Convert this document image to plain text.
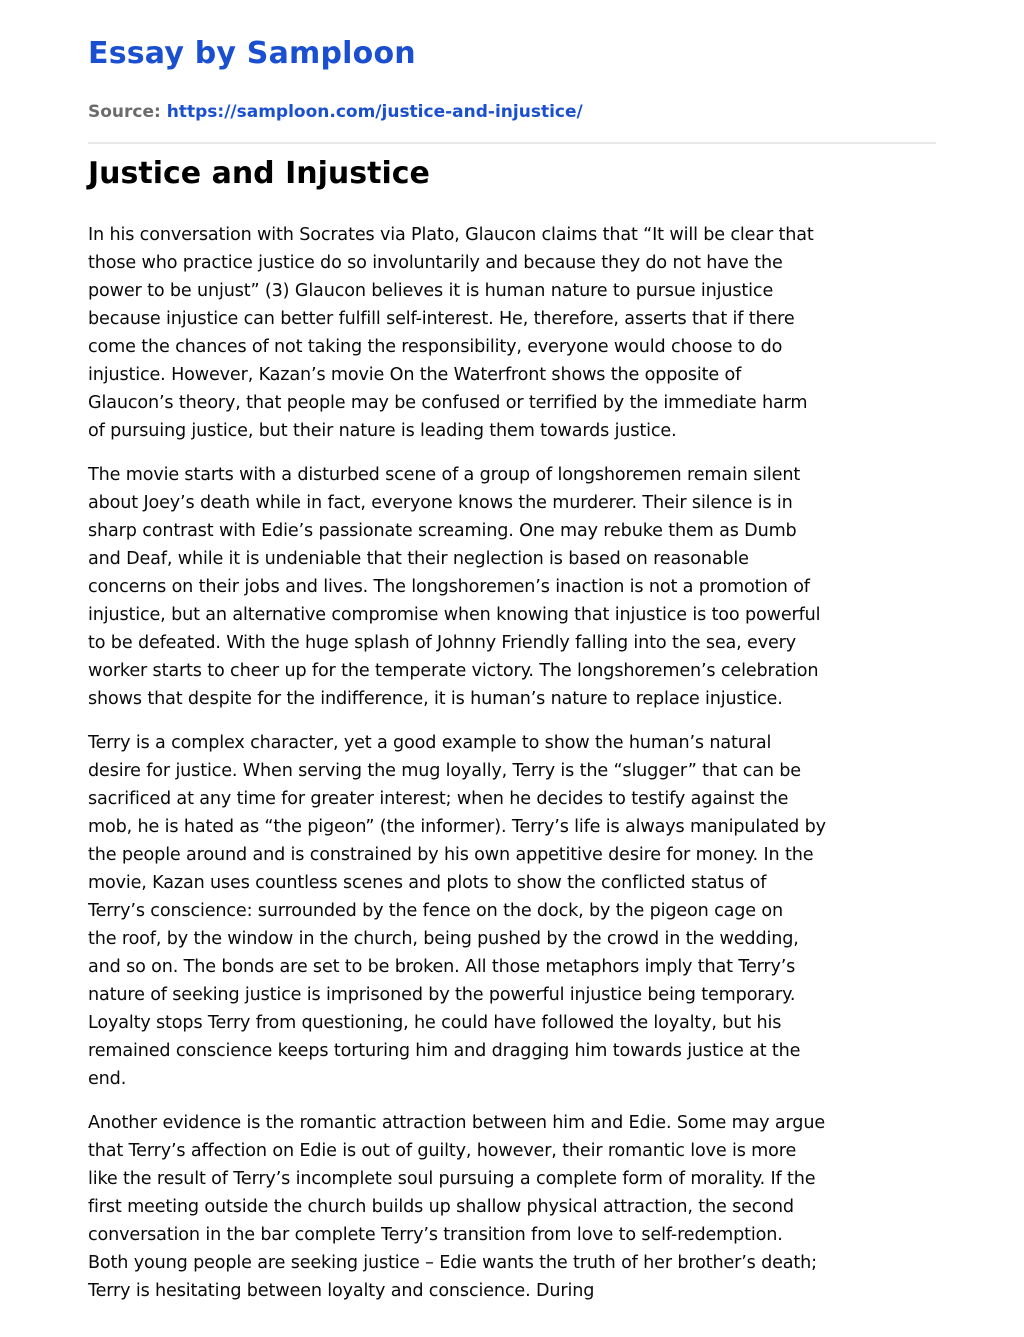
Essay by Samploon
Source: https://samploon.com/justice-and-injustice/
Justice and Injustice

In his conversation with Socrates via Plato, Glaucon claims that “It will be clear that
those who practice justice do so involuntarily and because they do not have the
power to be unjust” (3) Glaucon believes it is human nature to pursue injustice
because injustice can better fulfill self-interest. He, therefore, asserts that if there
come the chances of not taking the responsibility, everyone would choose to do
injustice. However, Kazan’s movie On the Waterfront shows the opposite of
Glaucon’s theory, that people may be confused or terrified by the immediate harm
of pursuing justice, but their nature is leading them towards justice.

The movie starts with a disturbed scene of a group of longshoremen remain silent
about Joey’s death while in fact, everyone knows the murderer. Their silence is in
sharp contrast with Edie’s passionate screaming. One may rebuke them as Dumb
and Deaf, while it is undeniable that their neglection is based on reasonable
concerns on their jobs and lives. The longshoremen’s inaction is not a promotion of
injustice, but an alternative compromise when knowing that injustice is too powerful
to be defeated. With the huge splash of Johnny Friendly falling into the sea, every
worker starts to cheer up for the temperate victory. The longshoremen’s celebration
shows that despite for the indifference, it is human’s nature to replace injustice.

Terry is a complex character, yet a good example to show the human’s natural
desire for justice. When serving the mug loyally, Terry is the “slugger” that can be
sacrificed at any time for greater interest; when he decides to testify against the
mob, he is hated as “the pigeon” (the informer). Terry’s life is always manipulated by
the people around and is constrained by his own appetitive desire for money. In the
movie, Kazan uses countless scenes and plots to show the conflicted status of
Terry’s conscience: surrounded by the fence on the dock, by the pigeon cage on
the roof, by the window in the church, being pushed by the crowd in the wedding,
and so on. The bonds are set to be broken. All those metaphors imply that Terry’s
nature of seeking justice is imprisoned by the powerful injustice being temporary.
Loyalty stops Terry from questioning, he could have followed the loyalty, but his
remained conscience keeps torturing him and dragging him towards justice at the
end.

Another evidence is the romantic attraction between him and Edie. Some may argue
that Terry’s affection on Edie is out of guilty, however, their romantic love is more
like the result of Terry’s incomplete soul pursuing a complete form of morality. If the
first meeting outside the church builds up shallow physical attraction, the second
conversation in the bar complete Terry’s transition from love to self-redemption.
Both young people are seeking justice – Edie wants the truth of her brother’s death;
Terry is hesitating between loyalty and conscience. During
